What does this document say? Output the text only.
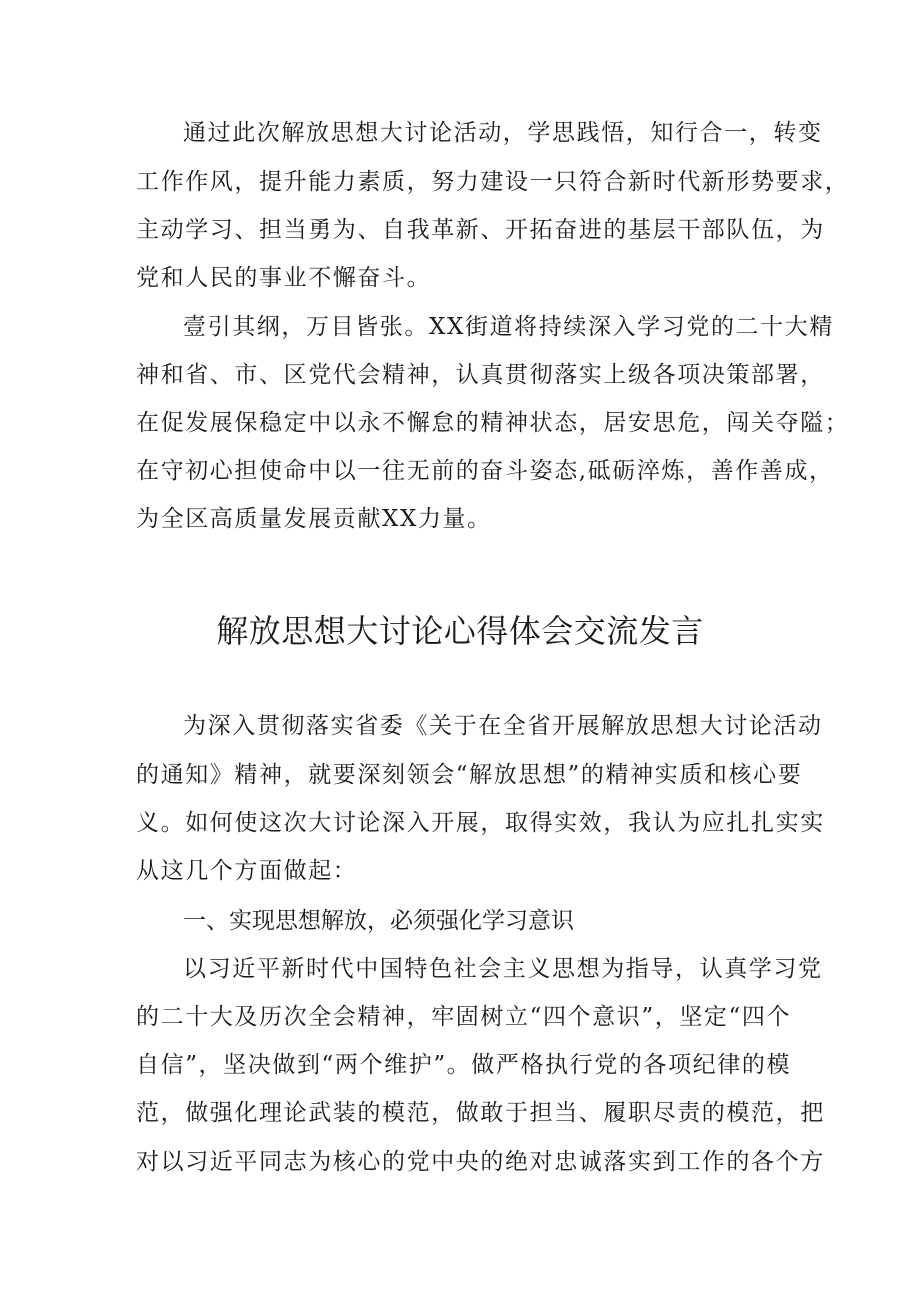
通过此次解放思想大讨论活动，学思践悟，知行合一，转变
工作作风，提升能力素质，努力建设一只符合新时代新形势要求，
主动学习、担当勇为、自我革新、开拓奋进的基层干部队伍，为
党和人民的事业不懈奋斗。
壹引其纲，万目皆张。XX街道将持续深入学习党的二十大精
神和省、市、区党代会精神，认真贯彻落实上级各项决策部署，
在促发展保稳定中以永不懈怠的精神状态，居安思危，闯关夺隘；
在守初心担使命中以一往无前的奋斗姿态,砥砺淬炼，善作善成，
为全区高质量发展贡献XX力量。
解放思想大讨论心得体会交流发言
为深入贯彻落实省委《关于在全省开展解放思想大讨论活动
的通知》精神，就要深刻领会“解放思想”的精神实质和核心要
义。如何使这次大讨论深入开展，取得实效，我认为应扎扎实实
从这几个方面做起：
一、实现思想解放，必须强化学习意识
以习近平新时代中国特色社会主义思想为指导，认真学习党
的二十大及历次全会精神，牢固树立“四个意识”，坚定“四个
自信”，坚决做到“两个维护”。做严格执行党的各项纪律的模
范，做强化理论武装的模范，做敢于担当、履职尽责的模范，把
对以习近平同志为核心的党中央的绝对忠诚落实到工作的各个方
